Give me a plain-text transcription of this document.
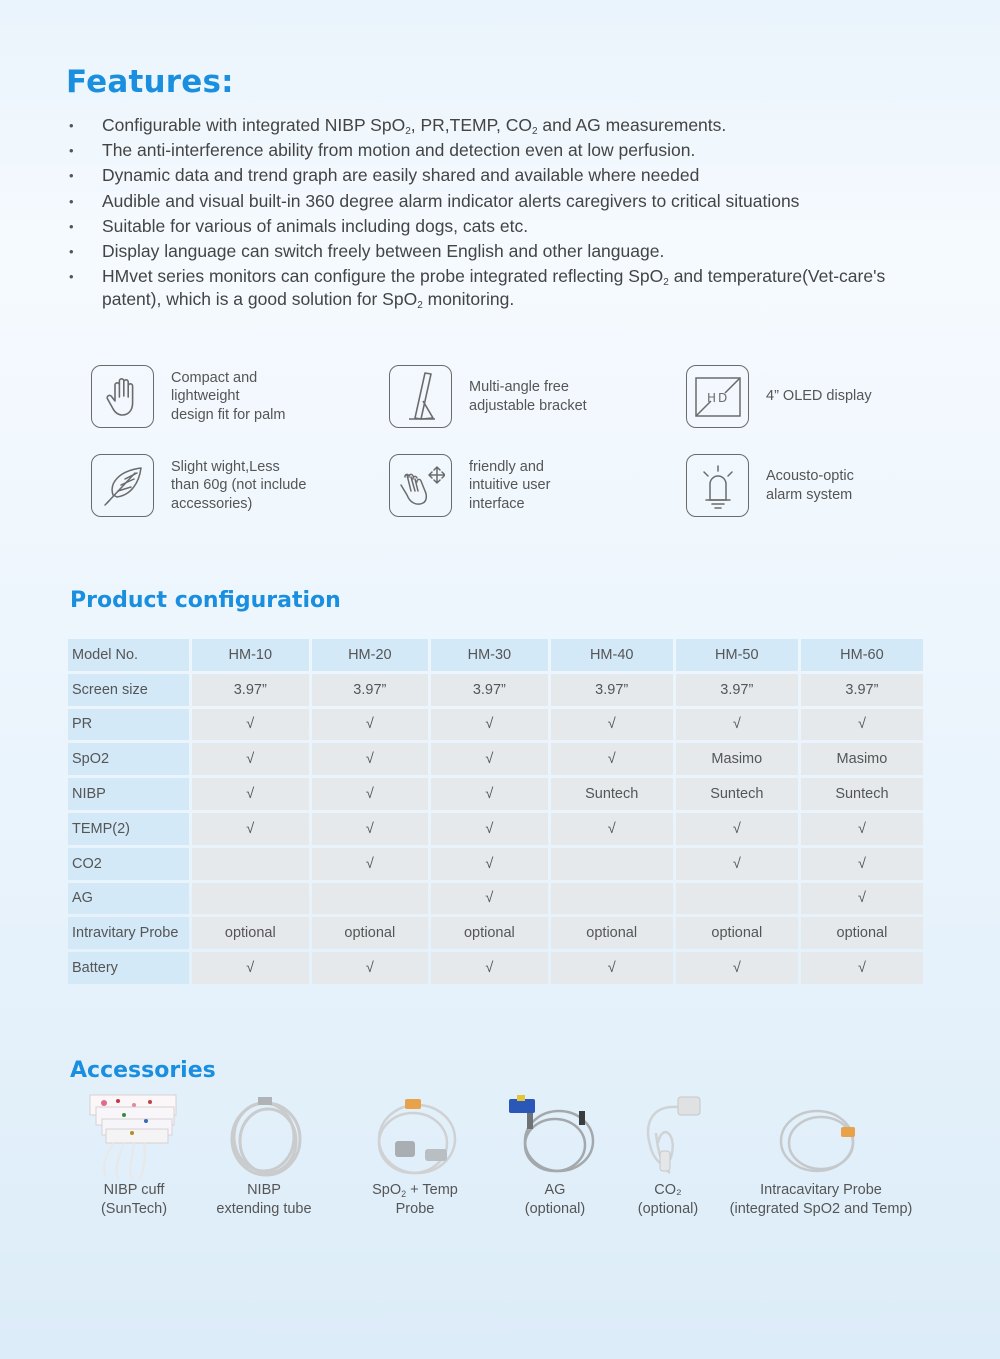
Features:
• Configurable with integrated NIBP SpO$_2$, PR,TEMP, $CO_2$ and AG measurements.
• The anti-interference ability from motion and detection even at low perfusion.
• Dynamic data and trend graph are easily shared and available where needed
• Audible and visual built-in 360 degree alarm indicator alerts caregivers to critical situations
• Suitable for various of animals including dogs, cats etc.
• Display language can switch freely between English and other language.
• HMvet series monitors can configure the probe integrated reflecting SpO$_2$ and temperature(Vet-care's patent), which is a good solution for SpO$_2$ monitoring.
Compact and
lightweight
design fit for palm
Multi-angle free
adjustable bracket	HD	4” OLED display
Slight wight,Less
than 60g (not include
accessories)
friendly and
intuitive user
interface
Acousto-optic
alarm system
Product configuration
Model No.	HM-10	HM-20	HM-30	HM-40	HM-50	HM-60
Screen size	3.97”	3.97”	3.97”	3.97”	3.97”	3.97”
PR	√	√	√	√	√	√
SpO2	√	√	√	√	Masimo	Masimo
NIBP	√	√	√	Suntech	Suntech	Suntech
TEMP(2)	√	√	√	√	√	√
CO2		√	√		√	√
AG			√			√
Intravitary Probe	optional	optional	optional	optional	optional	optional
Battery	√	√	√	√	√	√
Accessories
NIBP cuff
(SunTech)
NIBP
extending tube
SpO$_2$ + Temp
Probe
AG
(optional)
CO₂
(optional)
Intracavitary Probe
(integrated SpO2 and Temp)
